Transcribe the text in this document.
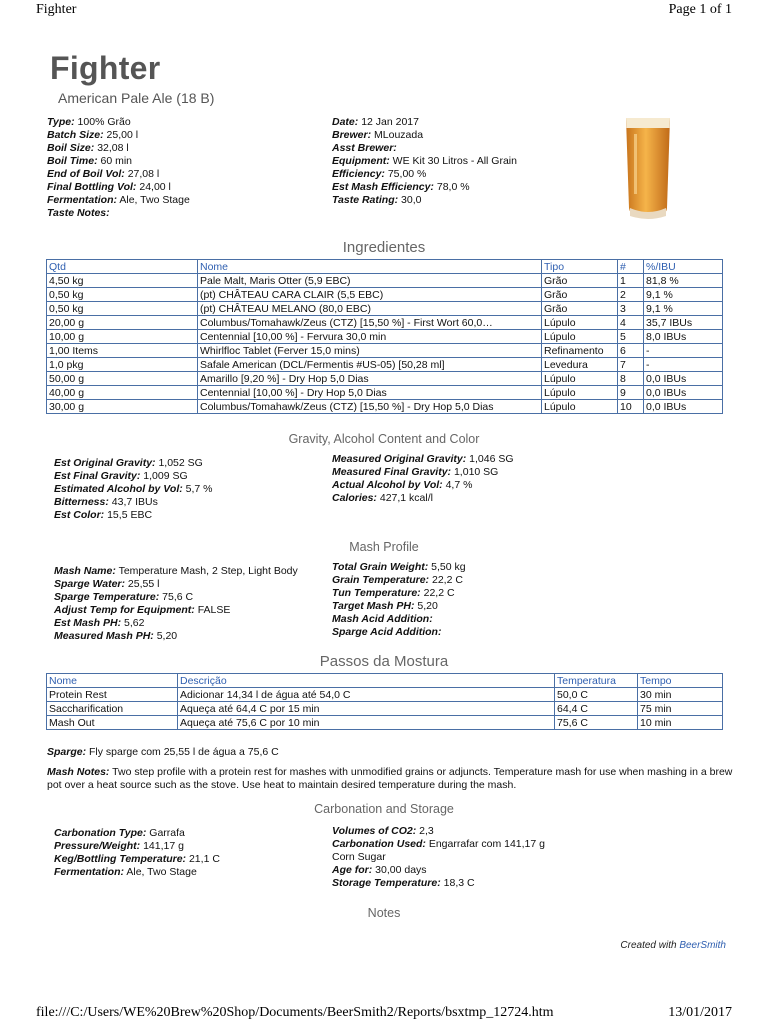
Fighter	Page 1 of 1
Fighter
American Pale Ale (18 B)
Type: 100% Grão
Batch Size: 25,00 l
Boil Size: 32,08 l
Boil Time: 60 min
End of Boil Vol: 27,08 l
Final Bottling Vol: 24,00 l
Fermentation: Ale, Two Stage
Taste Notes:
Date: 12 Jan 2017
Brewer: MLouzada
Asst Brewer:
Equipment: WE Kit 30 Litros - All Grain
Efficiency: 75,00 %
Est Mash Efficiency: 78,0 %
Taste Rating: 30,0
Ingredientes
Qtd	Nome	Tipo	#	%/IBU
4,50 kg	Pale Malt, Maris Otter (5,9 EBC)	Grão	1	81,8 %
0,50 kg	(pt) CHÂTEAU CARA CLAIR (5,5 EBC)	Grão	2	9,1 %
0,50 kg	(pt) CHÂTEAU MELANO (80,0 EBC)	Grão	3	9,1 %
20,00 g	Columbus/Tomahawk/Zeus (CTZ) [15,50 %] - First Wort 60,0…	Lúpulo	4	35,7 IBUs
10,00 g	Centennial [10,00 %] - Fervura 30,0 min	Lúpulo	5	8,0 IBUs
1,00 Items	Whirlfloc Tablet (Ferver 15,0 mins)	Refinamento	6	-
1,0 pkg	Safale American (DCL/Fermentis #US-05) [50,28 ml]	Levedura	7	-
50,00 g	Amarillo [9,20 %] - Dry Hop 5,0 Dias	Lúpulo	8	0,0 IBUs
40,00 g	Centennial [10,00 %] - Dry Hop 5,0 Dias	Lúpulo	9	0,0 IBUs
30,00 g	Columbus/Tomahawk/Zeus (CTZ) [15,50 %] - Dry Hop 5,0 Dias	Lúpulo	10	0,0 IBUs
Gravity, Alcohol Content and Color
Est Original Gravity: 1,052 SG
Est Final Gravity: 1,009 SG
Estimated Alcohol by Vol: 5,7 %
Bitterness: 43,7 IBUs
Est Color: 15,5 EBC
Measured Original Gravity: 1,046 SG
Measured Final Gravity: 1,010 SG
Actual Alcohol by Vol: 4,7 %
Calories: 427,1 kcal/l
Mash Profile
Mash Name: Temperature Mash, 2 Step, Light Body
Sparge Water: 25,55 l
Sparge Temperature: 75,6 C
Adjust Temp for Equipment: FALSE
Est Mash PH: 5,62
Measured Mash PH: 5,20
Total Grain Weight: 5,50 kg
Grain Temperature: 22,2 C
Tun Temperature: 22,2 C
Target Mash PH: 5,20
Mash Acid Addition:
Sparge Acid Addition:
Passos da Mostura
Nome	Descrição	Temperatura	Tempo
Protein Rest	Adicionar 14,34 l de água até 54,0 C	50,0 C	30 min
Saccharification	Aqueça até 64,4 C por 15 min	64,4 C	75 min
Mash Out	Aqueça até 75,6 C por 10 min	75,6 C	10 min
Sparge: Fly sparge com 25,55 l de água a 75,6 C
Mash Notes: Two step profile with a protein rest for mashes with unmodified grains or adjuncts. Temperature mash for use when mashing in a brew pot over a heat source such as the stove. Use heat to maintain desired temperature during the mash.
Carbonation and Storage
Carbonation Type: Garrafa
Pressure/Weight: 141,17 g
Keg/Bottling Temperature: 21,1 C
Fermentation: Ale, Two Stage
Volumes of CO2: 2,3
Carbonation Used: Engarrafar com 141,17 g
Corn Sugar
Age for: 30,00 days
Storage Temperature: 18,3 C
Notes
Created with BeerSmith
file:///C:/Users/WE%20Brew%20Shop/Documents/BeerSmith2/Reports/bsxtmp_12724.htm	13/01/2017
